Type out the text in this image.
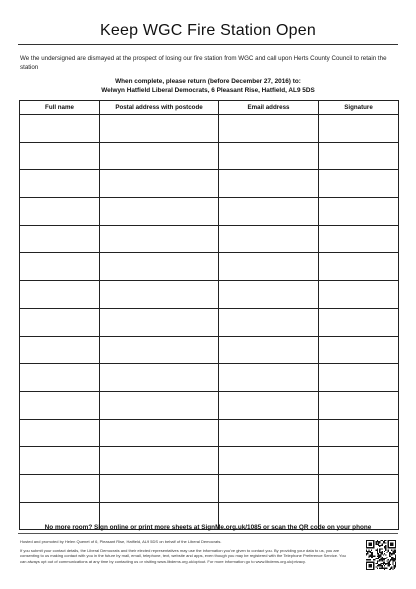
Keep WGC Fire Station Open
We the undersigned are dismayed at the prospect of losing our fire station from WGC and call upon Herts County Council to retain the station
When complete, please return (before December 27, 2016) to:
Welwyn Hatfield Liberal Democrats, 6 Pleasant Rise, Hatfield, AL9 5DS
Full name	Postal address with postcode	Email address	Signature

No more room? Sign online or print more sheets at SignMe.org.uk/1085 or scan the QR code on your phone
Hosted and promoted by Helen Quenet of 6, Pleasant Rise, Hatfield, AL9 5DS on behalf of the Liberal Democrats.
If you submit your contact details, the Liberal Democrats and their elected representatives may use the information you've given to contact you. By providing your data to us, you are consenting to us making contact with you in the future by mail, email, telephone, text, website and apps, even though you may be registered with the Telephone Preference Service. You can always opt out of communications at any time by contacting us or visiting www.libdems.org.uk/optout. For more information go to www.libdems.org.uk/privacy.
